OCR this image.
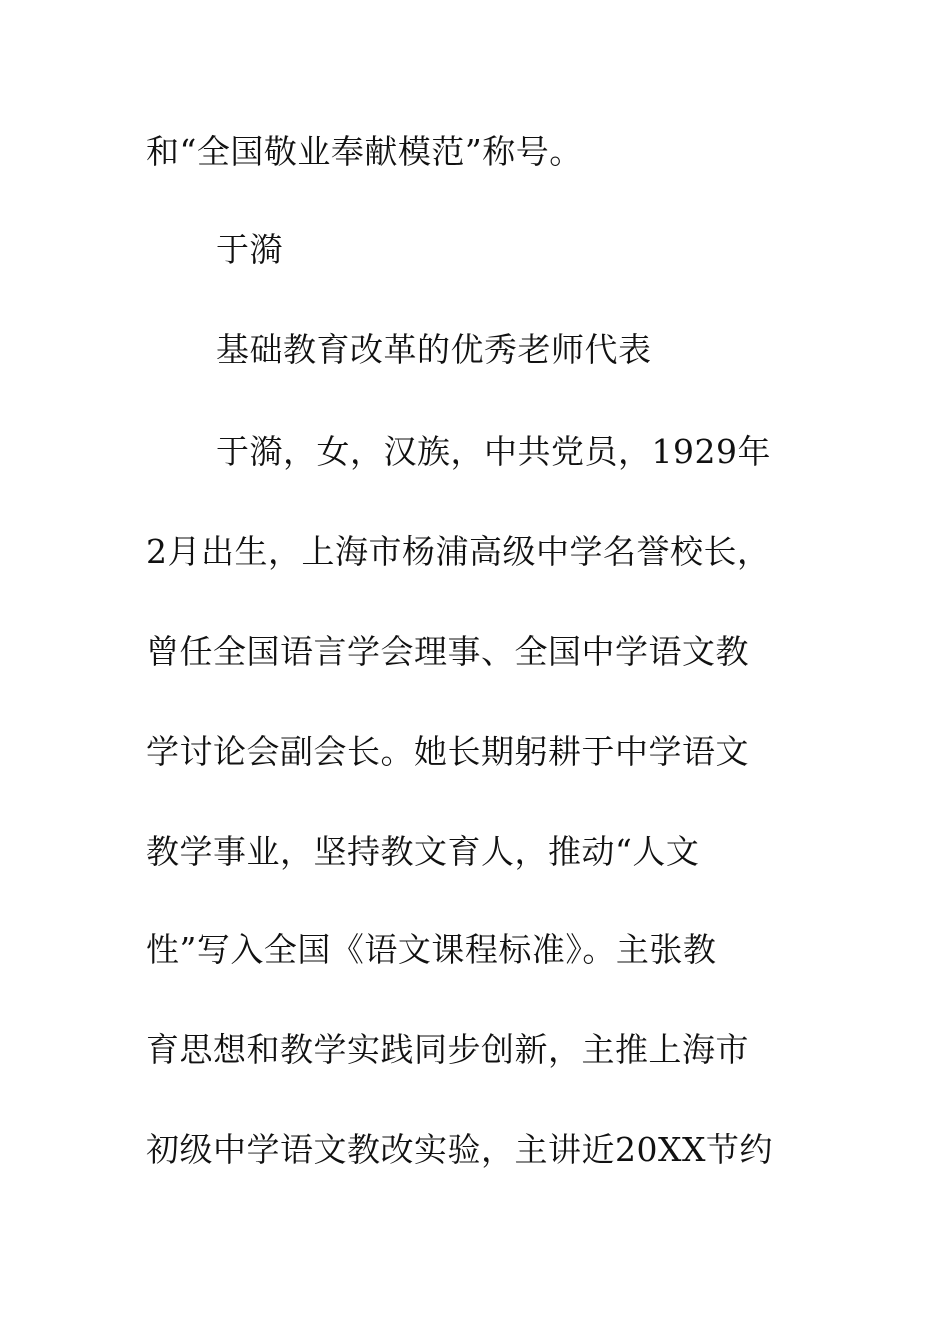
和“全国敬业奉献模范”称号。
于漪
基础教育改革的优秀老师代表
于漪，女，汉族，中共党员，1929年
2月出生，上海市杨浦高级中学名誉校长，
曾任全国语言学会理事、全国中学语文教
学讨论会副会长。她长期躬耕于中学语文
教学事业，坚持教文育人，推动“人文
性”写入全国《语文课程标准》。主张教
育思想和教学实践同步创新，主推上海市
初级中学语文教改实验，主讲近20XX节约
